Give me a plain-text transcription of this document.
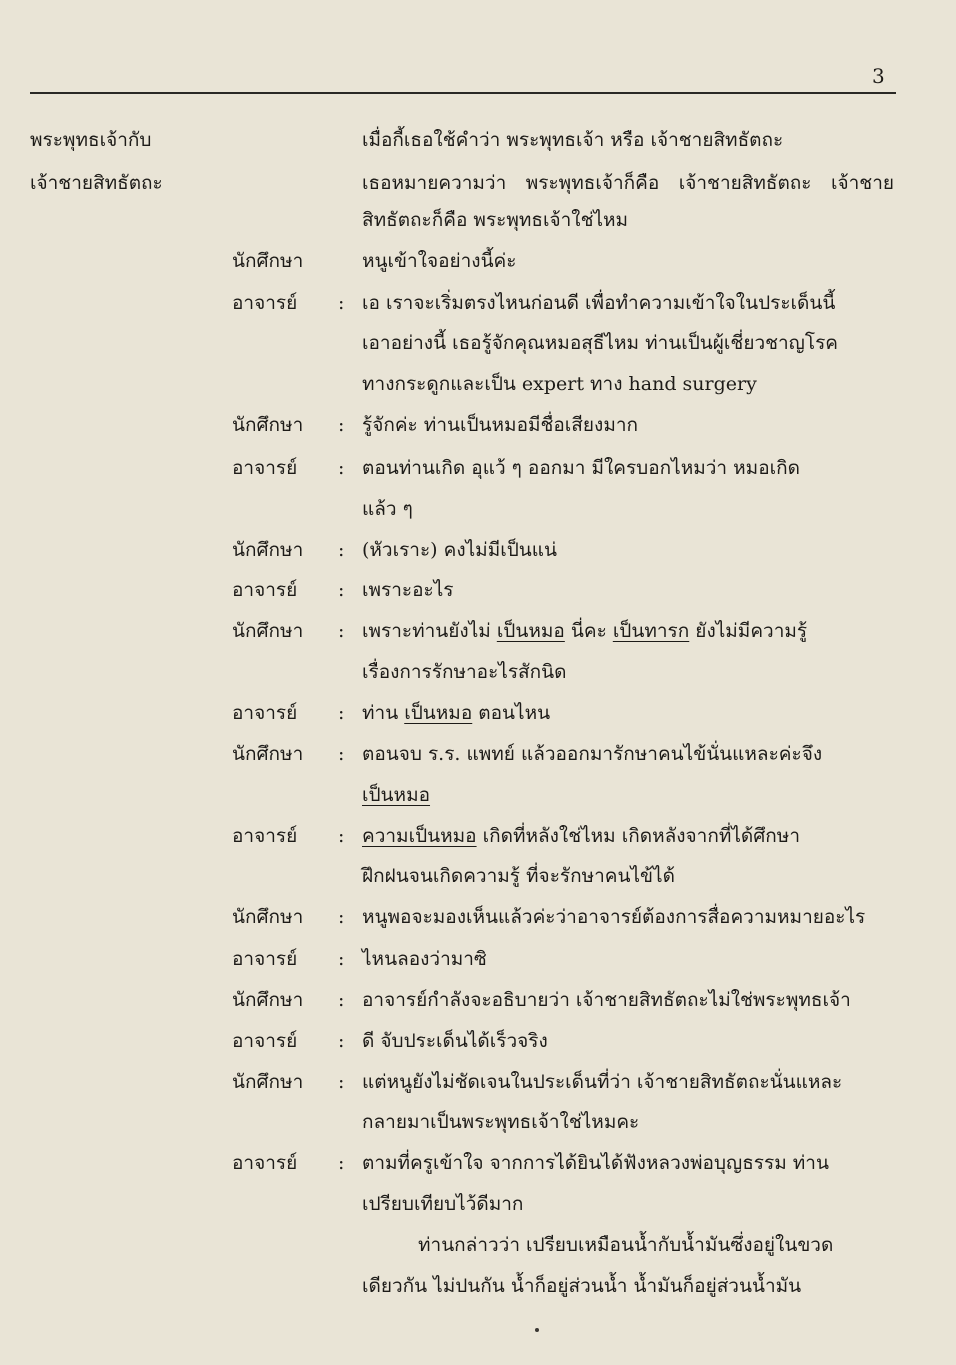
3
พระพุทธเจ้ากับ
เจ้าชายสิทธัตถะ
เมื่อกี้เธอใช้คำว่า พระพุทธเจ้า หรือ เจ้าชายสิทธัตถะ
เธอหมายความว่า พระพุทธเจ้าก็คือ เจ้าชายสิทธัตถะ เจ้าชาย
สิทธัตถะก็คือ พระพุทธเจ้าใช่ไหม
นักศึกษา	หนูเข้าใจอย่างนี้ค่ะ
อาจารย์ : เอ เราจะเริ่มตรงไหนก่อนดี เพื่อทำความเข้าใจในประเด็นนี้
เอาอย่างนี้ เธอรู้จักคุณหมอสุธีไหม ท่านเป็นผู้เชี่ยวชาญโรค
ทางกระดูกและเป็น expert ทาง hand surgery
นักศึกษา : รู้จักค่ะ ท่านเป็นหมอมีชื่อเสียงมาก
อาจารย์ : ตอนท่านเกิด อุแว้ ๆ ออกมา มีใครบอกไหมว่า หมอเกิด
แล้ว ๆ
นักศึกษา : (หัวเราะ) คงไม่มีเป็นแน่
อาจารย์ : เพราะอะไร
นักศึกษา : เพราะท่านยังไม่ เป็นหมอ นี่คะ เป็นทารก ยังไม่มีความรู้
เรื่องการรักษาอะไรสักนิด
อาจารย์ : ท่าน เป็นหมอ ตอนไหน
นักศึกษา : ตอนจบ ร.ร. แพทย์ แล้วออกมารักษาคนไข้นั่นแหละค่ะจึง
เป็นหมอ
อาจารย์ : ความเป็นหมอ เกิดที่หลังใช่ไหม เกิดหลังจากที่ได้ศึกษา
ฝึกฝนจนเกิดความรู้ ที่จะรักษาคนไข้ได้
นักศึกษา : หนูพอจะมองเห็นแล้วค่ะว่าอาจารย์ต้องการสื่อความหมายอะไร
อาจารย์ : ไหนลองว่ามาซิ
นักศึกษา : อาจารย์กำลังจะอธิบายว่า เจ้าชายสิทธัตถะไม่ใช่พระพุทธเจ้า
อาจารย์ : ดี จับประเด็นได้เร็วจริง
นักศึกษา : แต่หนูยังไม่ชัดเจนในประเด็นที่ว่า เจ้าชายสิทธัตถะนั่นแหละ
กลายมาเป็นพระพุทธเจ้าใช่ไหมคะ
อาจารย์ : ตามที่ครูเข้าใจ จากการได้ยินได้ฟังหลวงพ่อบุญธรรม ท่าน
เปรียบเทียบไว้ดีมาก
ท่านกล่าวว่า เปรียบเหมือนน้ำกับน้ำมันซึ่งอยู่ในขวด
เดียวกัน ไม่ปนกัน น้ำก็อยู่ส่วนน้ำ น้ำมันก็อยู่ส่วนน้ำมัน
